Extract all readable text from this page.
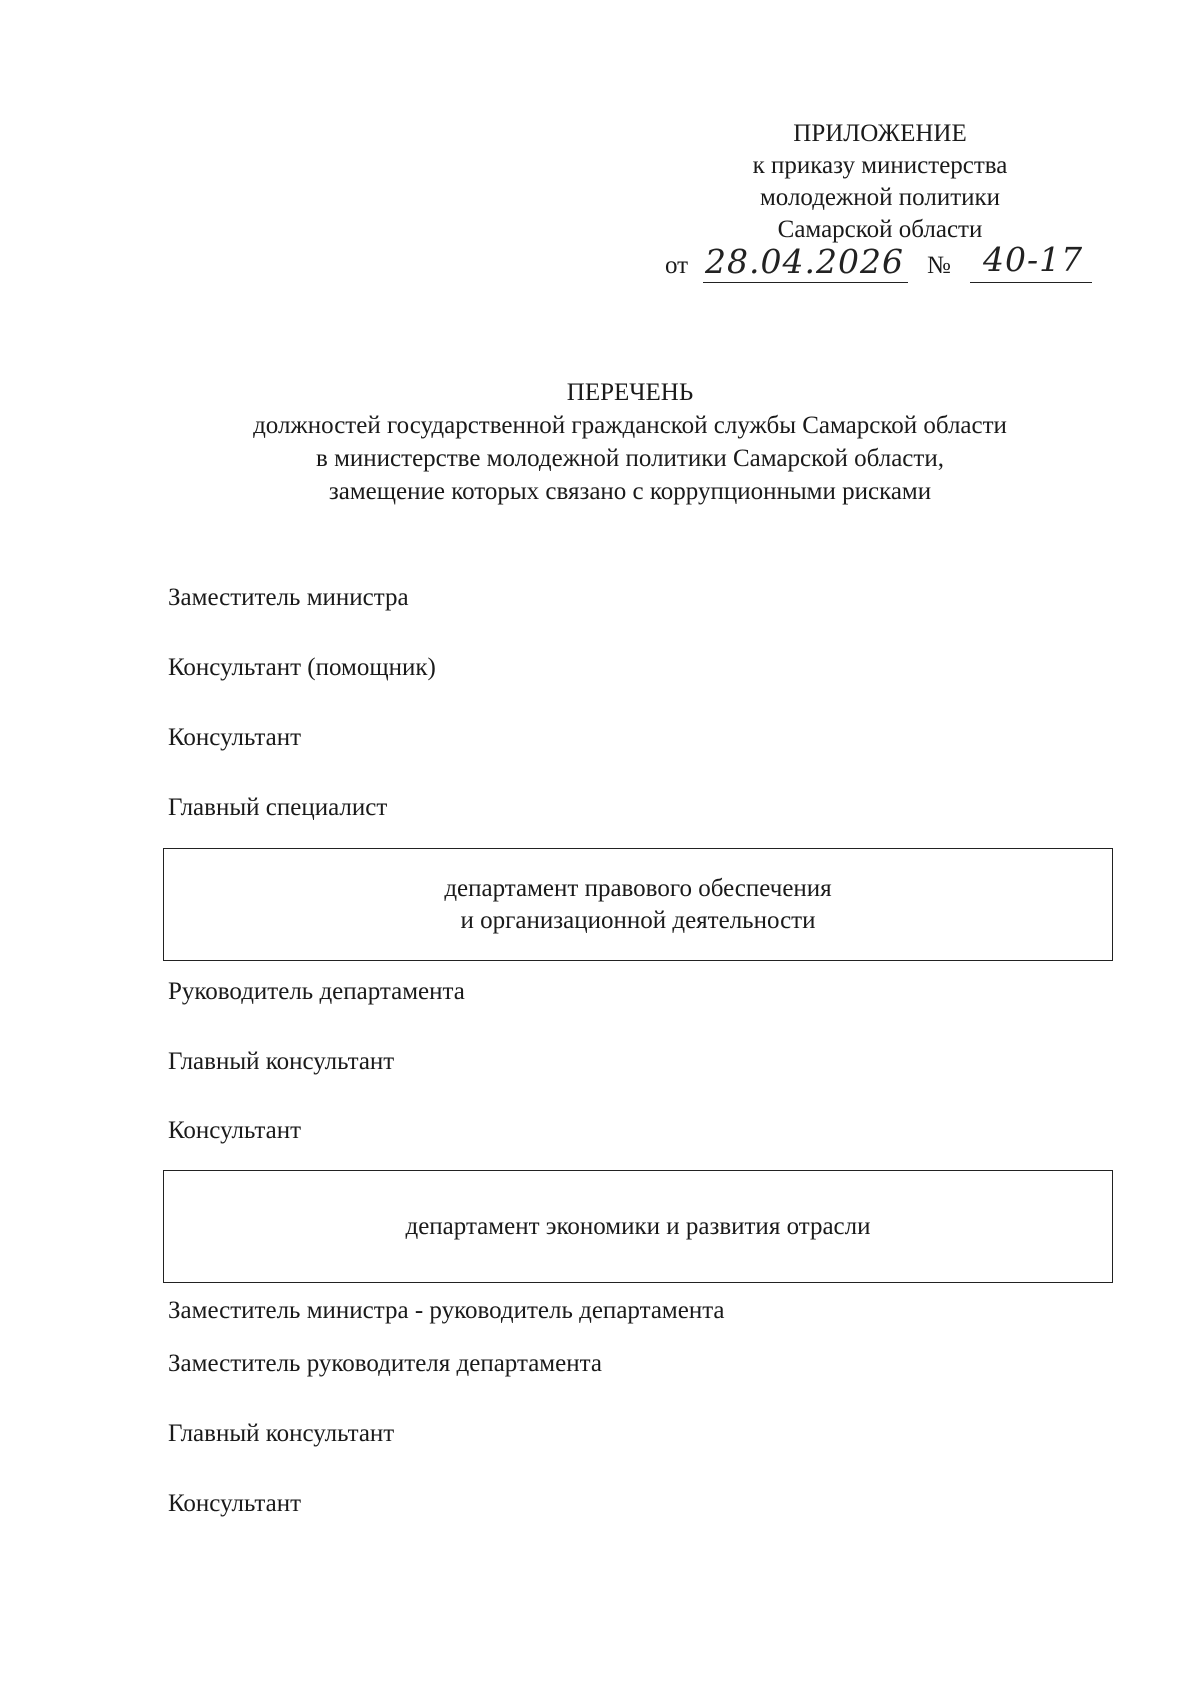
ПРИЛОЖЕНИЕ
к приказу министерства
молодежной политики
Самарской области
от 28.04.2026 № 40-17
ПЕРЕЧЕНЬ
должностей государственной гражданской службы Самарской области
в министерстве молодежной политики Самарской области,
замещение которых связано с коррупционными рисками
Заместитель министра
Консультант (помощник)
Консультант
Главный специалист
департамент правового обеспечения
и организационной деятельности
Руководитель департамента
Главный консультант
Консультант
департамент экономики и развития отрасли
Заместитель министра - руководитель департамента
Заместитель руководителя департамента
Главный консультант
Консультант
